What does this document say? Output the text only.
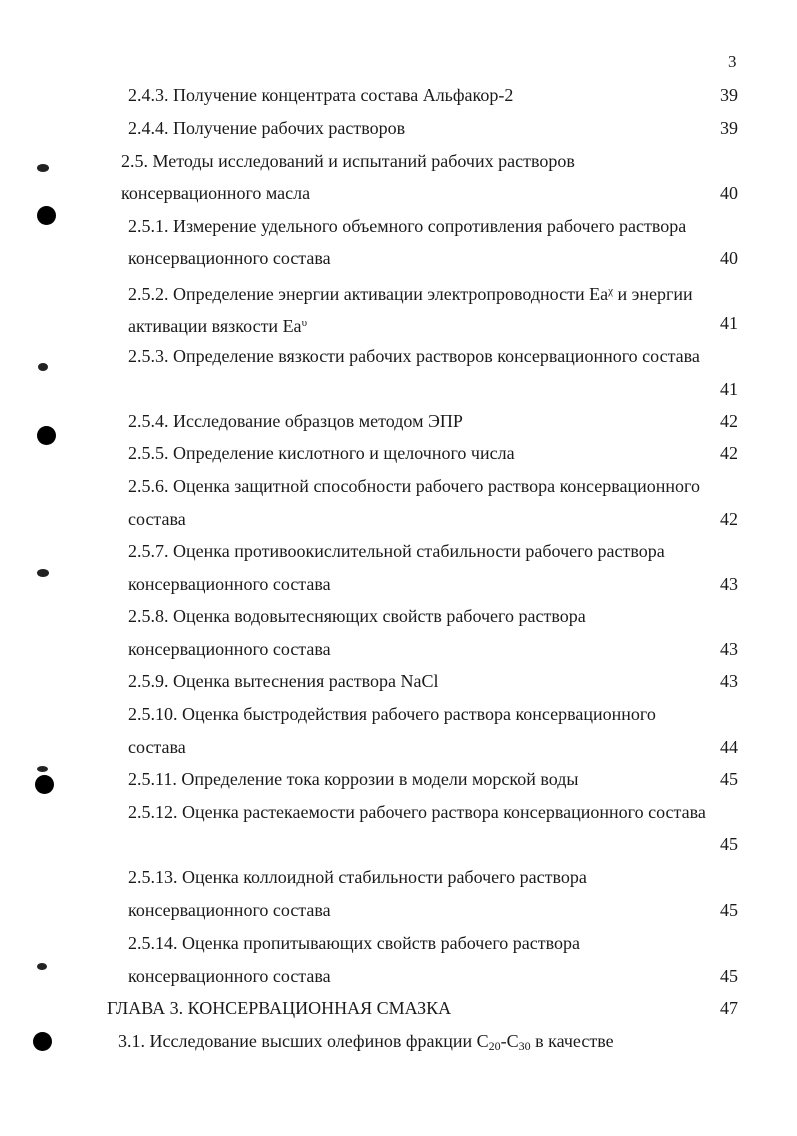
3
2.4.3. Получение концентрата состава Альфакор-2	39
2.4.4. Получение рабочих растворов	39
2.5. Методы исследований и испытаний рабочих растворов
консервационного масла	40
2.5.1. Измерение удельного объемного сопротивления рабочего раствора
консервационного состава	40
2.5.2. Определение энергии активации электропроводности $Ea^\chi$ и энергии
активации вязкости $Ea^\upsilon$	41
2.5.3. Определение вязкости рабочих растворов консервационного состава
41
2.5.4. Исследование образцов методом ЭПР	42
2.5.5. Определение кислотного и щелочного числа	42
2.5.6. Оценка защитной способности рабочего раствора консервационного
состава	42
2.5.7. Оценка противоокислительной стабильности рабочего раствора
консервационного состава	43
2.5.8. Оценка водовытесняющих свойств рабочего раствора
консервационного состава	43
2.5.9. Оценка вытеснения раствора NaCl	43
2.5.10. Оценка быстродействия рабочего раствора консервационного
состава	44
2.5.11. Определение тока коррозии в модели морской воды	45
2.5.12. Оценка растекаемости рабочего раствора консервационного состава
45
2.5.13. Оценка коллоидной стабильности рабочего раствора
консервационного состава	45
2.5.14. Оценка пропитывающих свойств рабочего раствора
консервационного состава	45
ГЛАВА 3. КОНСЕРВАЦИОННАЯ СМАЗКА	47
3.1. Исследование высших олефинов фракции $С_{20}-С_{30}$ в качестве
